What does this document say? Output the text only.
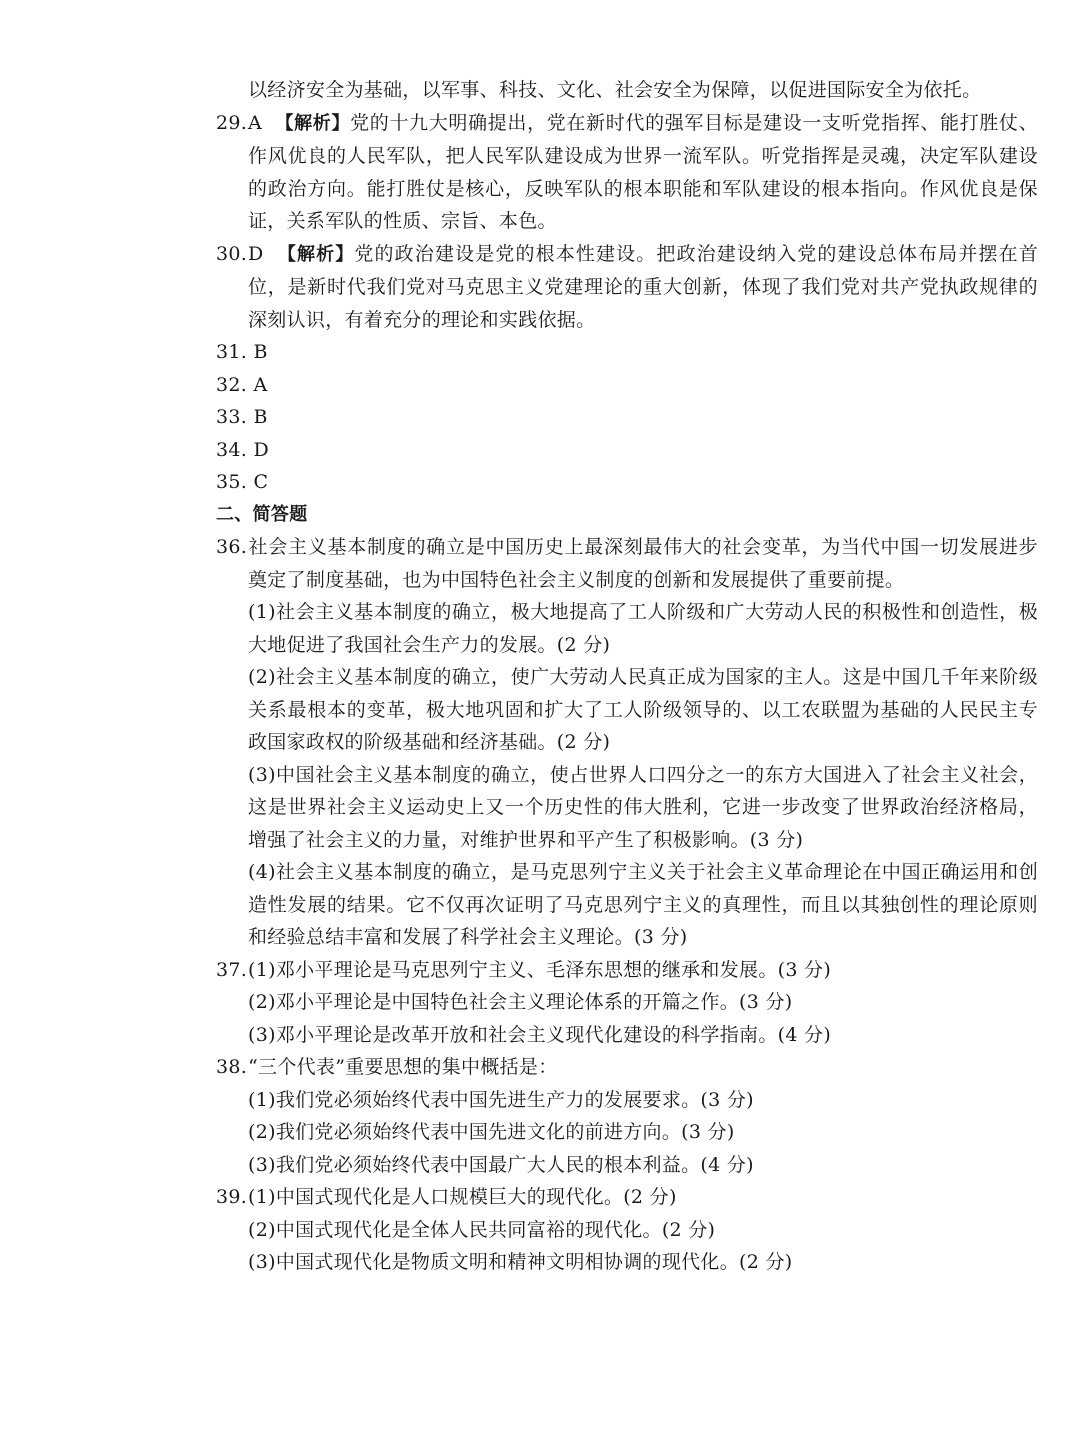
以经济安全为基础，以军事、科技、文化、社会安全为保障，以促进国际安全为依托。

29.A 【解析】党的十九大明确提出，党在新时代的强军目标是建设一支听党指挥、能打胜仗、作风优良的人民军队，把人民军队建设成为世界一流军队。听党指挥是灵魂，决定军队建设的政治方向。能打胜仗是核心，反映军队的根本职能和军队建设的根本指向。作风优良是保证，关系军队的性质、宗旨、本色。

30.D 【解析】党的政治建设是党的根本性建设。把政治建设纳入党的建设总体布局并摆在首位，是新时代我们党对马克思主义党建理论的重大创新，体现了我们党对共产党执政规律的深刻认识，有着充分的理论和实践依据。

31. B

32. A

33. B

34. D

35. C

二、简答题

36.社会主义基本制度的确立是中国历史上最深刻最伟大的社会变革，为当代中国一切发展进步奠定了制度基础，也为中国特色社会主义制度的创新和发展提供了重要前提。

(1)社会主义基本制度的确立，极大地提高了工人阶级和广大劳动人民的积极性和创造性，极大地促进了我国社会生产力的发展。(2 分)

(2)社会主义基本制度的确立，使广大劳动人民真正成为国家的主人。这是中国几千年来阶级关系最根本的变革，极大地巩固和扩大了工人阶级领导的、以工农联盟为基础的人民民主专政国家政权的阶级基础和经济基础。(2 分)

(3)中国社会主义基本制度的确立，使占世界人口四分之一的东方大国进入了社会主义社会，这是世界社会主义运动史上又一个历史性的伟大胜利，它进一步改变了世界政治经济格局，增强了社会主义的力量，对维护世界和平产生了积极影响。(3 分)

(4)社会主义基本制度的确立，是马克思列宁主义关于社会主义革命理论在中国正确运用和创造性发展的结果。它不仅再次证明了马克思列宁主义的真理性，而且以其独创性的理论原则和经验总结丰富和发展了科学社会主义理论。(3 分)

37.(1)邓小平理论是马克思列宁主义、毛泽东思想的继承和发展。(3 分)

(2)邓小平理论是中国特色社会主义理论体系的开篇之作。(3 分)

(3)邓小平理论是改革开放和社会主义现代化建设的科学指南。(4 分)

38.“三个代表”重要思想的集中概括是：

(1)我们党必须始终代表中国先进生产力的发展要求。(3 分)

(2)我们党必须始终代表中国先进文化的前进方向。(3 分)

(3)我们党必须始终代表中国最广大人民的根本利益。(4 分)

39.(1)中国式现代化是人口规模巨大的现代化。(2 分)

(2)中国式现代化是全体人民共同富裕的现代化。(2 分)

(3)中国式现代化是物质文明和精神文明相协调的现代化。(2 分)
